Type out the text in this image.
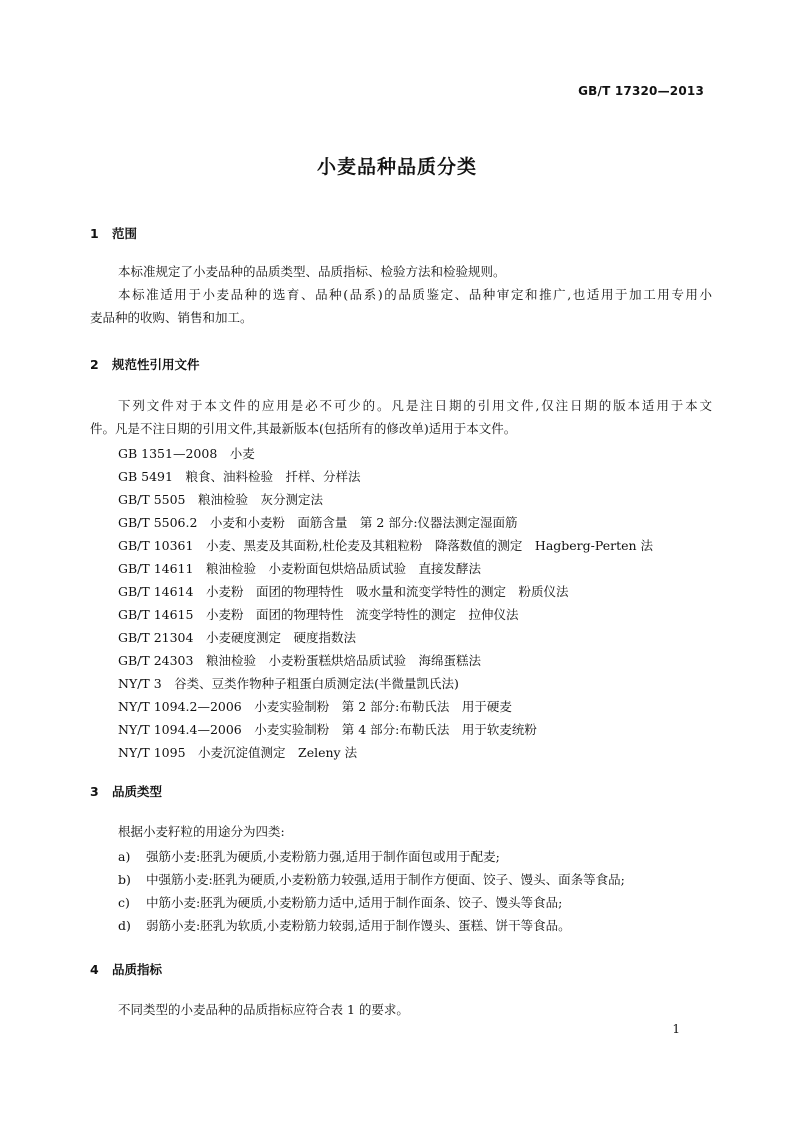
GB/T 17320—2013
小麦品种品质分类
1 范围
本标准规定了小麦品种的品质类型、品质指标、检验方法和检验规则。
本标准适用于小麦品种的选育、品种(品系)的品质鉴定、品种审定和推广,也适用于加工用专用小
麦品种的收购、销售和加工。
2 规范性引用文件
下列文件对于本文件的应用是必不可少的。凡是注日期的引用文件,仅注日期的版本适用于本文
件。凡是不注日期的引用文件,其最新版本(包括所有的修改单)适用于本文件。
GB 1351—2008　小麦
GB 5491　粮食、油料检验　扦样、分样法
GB/T 5505　粮油检验　灰分测定法
GB/T 5506.2　小麦和小麦粉　面筋含量　第 2 部分:仪器法测定湿面筋
GB/T 10361　小麦、黑麦及其面粉,杜伦麦及其粗粒粉　降落数值的测定　Hagberg-Perten 法
GB/T 14611　粮油检验　小麦粉面包烘焙品质试验　直接发酵法
GB/T 14614　小麦粉　面团的物理特性　吸水量和流变学特性的测定　粉质仪法
GB/T 14615　小麦粉　面团的物理特性　流变学特性的测定　拉伸仪法
GB/T 21304　小麦硬度测定　硬度指数法
GB/T 24303　粮油检验　小麦粉蛋糕烘焙品质试验　海绵蛋糕法
NY/T 3　谷类、豆类作物种子粗蛋白质测定法(半微量凯氏法)
NY/T 1094.2—2006　小麦实验制粉　第 2 部分:布勒氏法　用于硬麦
NY/T 1094.4—2006　小麦实验制粉　第 4 部分:布勒氏法　用于软麦统粉
NY/T 1095　小麦沉淀值测定　Zeleny 法
3 品质类型
根据小麦籽粒的用途分为四类:
a) 强筋小麦:胚乳为硬质,小麦粉筋力强,适用于制作面包或用于配麦;
b) 中强筋小麦:胚乳为硬质,小麦粉筋力较强,适用于制作方便面、饺子、馒头、面条等食品;
c) 中筋小麦:胚乳为硬质,小麦粉筋力适中,适用于制作面条、饺子、馒头等食品;
d) 弱筋小麦:胚乳为软质,小麦粉筋力较弱,适用于制作馒头、蛋糕、饼干等食品。
4 品质指标
不同类型的小麦品种的品质指标应符合表 1 的要求。
1
